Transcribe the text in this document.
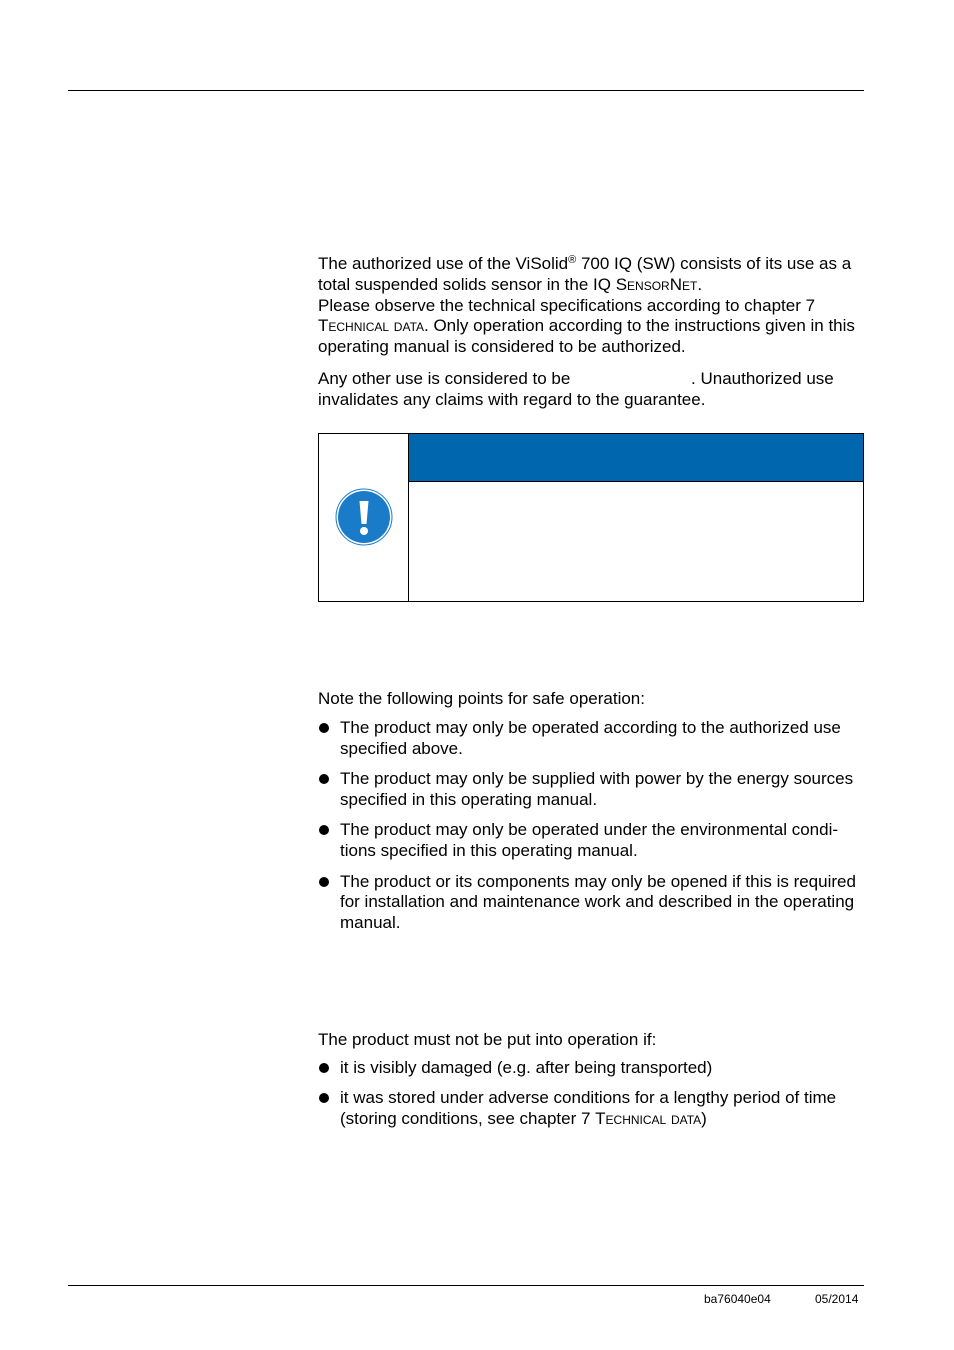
The authorized use of the ViSolid® 700 IQ (SW) consists of its use as a total suspended solids sensor in the IQ SensorNet.
Please observe the technical specifications according to chapter 7 Technical data. Only operation according to the instructions given in this operating manual is considered to be authorized.

Any other use is considered to be	. Unauthorized use invalidates any claims with regard to the guarantee.

Note the following points for safe operation:

The product may only be operated according to the authorized use specified above.
The product may only be supplied with power by the energy sources specified in this operating manual.
The product may only be operated under the environmental condi- tions specified in this operating manual.
The product or its components may only be opened if this is required for installation and maintenance work and described in the operating manual.

The product must not be put into operation if:

it is visibly damaged (e.g. after being transported)
it was stored under adverse conditions for a lengthy period of time (storing conditions, see chapter 7 Technical data)
ba76040e04	05/2014
